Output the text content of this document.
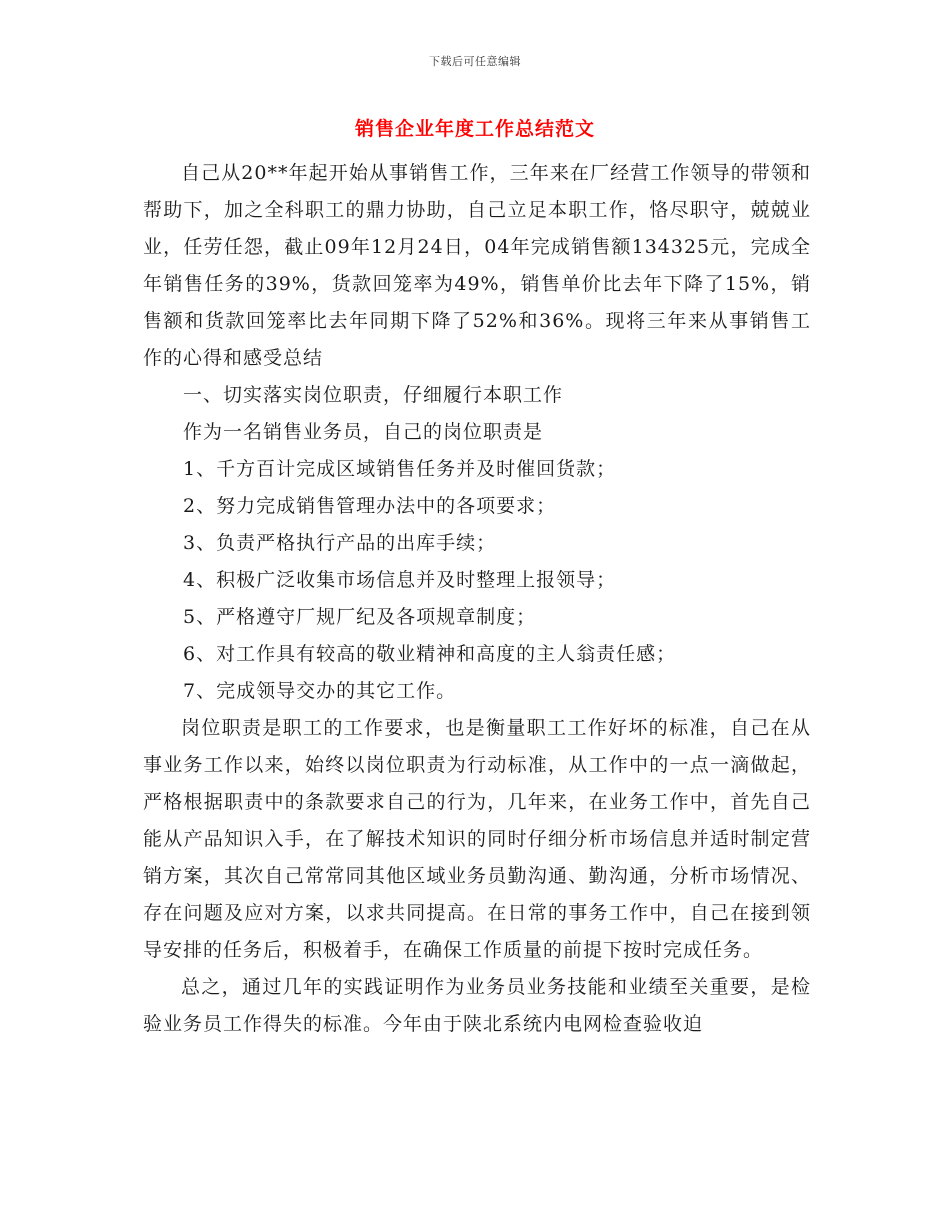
下载后可任意编辑
销售企业年度工作总结范文

自己从20**年起开始从事销售工作，三年来在厂经营工作领导的带领和帮助下，加之全科职工的鼎力协助，自己立足本职工作，恪尽职守，兢兢业业，任劳任怨，截止09年12月24日，04年完成销售额134325元，完成全年销售任务的39%，货款回笼率为49%，销售单价比去年下降了15%，销售额和货款回笼率比去年同期下降了52%和36%。现将三年来从事销售工作的心得和感受总结

一、切实落实岗位职责，仔细履行本职工作

作为一名销售业务员，自己的岗位职责是

1、千方百计完成区域销售任务并及时催回货款；

2、努力完成销售管理办法中的各项要求；

3、负责严格执行产品的出库手续；

4、积极广泛收集市场信息并及时整理上报领导；

5、严格遵守厂规厂纪及各项规章制度；

6、对工作具有较高的敬业精神和高度的主人翁责任感；

7、完成领导交办的其它工作。

岗位职责是职工的工作要求，也是衡量职工工作好坏的标准，自己在从事业务工作以来，始终以岗位职责为行动标准，从工作中的一点一滴做起，严格根据职责中的条款要求自己的行为，几年来，在业务工作中，首先自己能从产品知识入手，在了解技术知识的同时仔细分析市场信息并适时制定营销方案，其次自己常常同其他区域业务员勤沟通、勤沟通，分析市场情况、存在问题及应对方案，以求共同提高。在日常的事务工作中，自己在接到领导安排的任务后，积极着手，在确保工作质量的前提下按时完成任务。

总之，通过几年的实践证明作为业务员业务技能和业绩至关重要，是检验业务员工作得失的标准。今年由于陕北系统内电网检查验收迫
